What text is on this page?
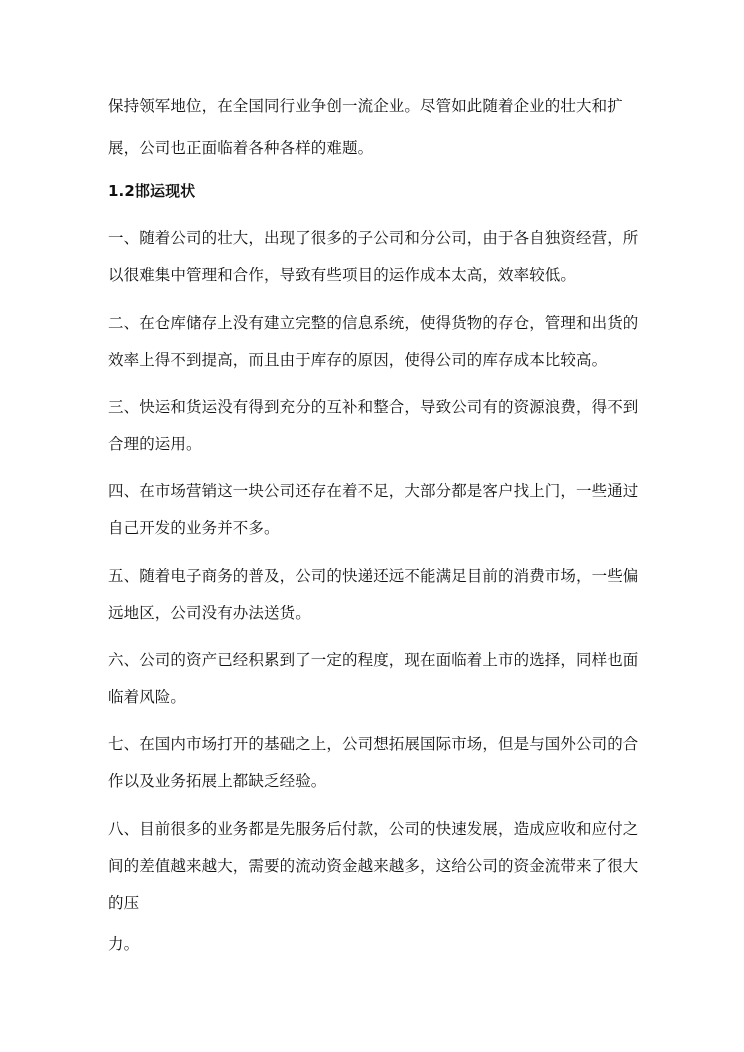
保持领军地位，在全国同行业争创一流企业。尽管如此随着企业的壮大和扩
展，公司也正面临着各种各样的难题。
1.2邯运现状
一、随着公司的壮大，出现了很多的子公司和分公司，由于各自独资经营，所
以很难集中管理和合作，导致有些项目的运作成本太高，效率较低。
二、在仓库储存上没有建立完整的信息系统，使得货物的存仓，管理和出货的
效率上得不到提高，而且由于库存的原因，使得公司的库存成本比较高。
三、快运和货运没有得到充分的互补和整合，导致公司有的资源浪费，得不到
合理的运用。
四、在市场营销这一块公司还存在着不足，大部分都是客户找上门，一些通过
自己开发的业务并不多。
五、随着电子商务的普及，公司的快递还远不能满足目前的消费市场，一些偏
远地区，公司没有办法送货。
六、公司的资产已经积累到了一定的程度，现在面临着上市的选择，同样也面
临着风险。
七、在国内市场打开的基础之上，公司想拓展国际市场，但是与国外公司的合
作以及业务拓展上都缺乏经验。
八、目前很多的业务都是先服务后付款，公司的快速发展，造成应收和应付之
间的差值越来越大，需要的流动资金越来越多，这给公司的资金流带来了很大
的压
力。
